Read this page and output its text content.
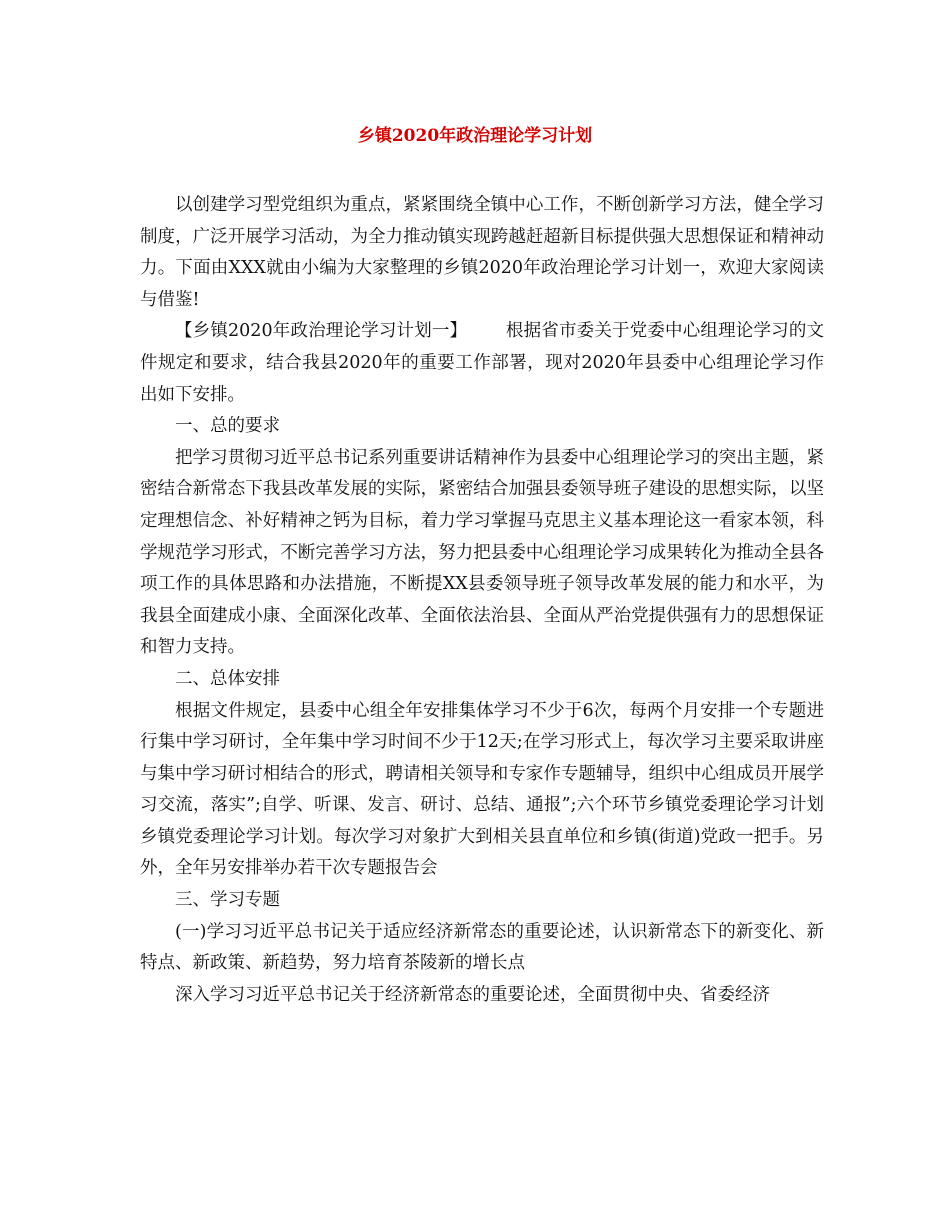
乡镇2020年政治理论学习计划

以创建学习型党组织为重点，紧紧围绕全镇中心工作，不断创新学习方法，健全学习制度，广泛开展学习活动，为全力推动镇实现跨越赶超新目标提供强大思想保证和精神动力。下面由XXX就由小编为大家整理的乡镇2020年政治理论学习计划一，欢迎大家阅读与借鉴!

【乡镇2020年政治理论学习计划一】 根据省市委关于党委中心组理论学习的文件规定和要求，结合我县2020年的重要工作部署，现对2020年县委中心组理论学习作出如下安排。

一、总的要求

把学习贯彻习近平总书记系列重要讲话精神作为县委中心组理论学习的突出主题，紧密结合新常态下我县改革发展的实际，紧密结合加强县委领导班子建设的思想实际，以坚定理想信念、补好精神之钙为目标，着力学习掌握马克思主义基本理论这一看家本领，科学规范学习形式，不断完善学习方法，努力把县委中心组理论学习成果转化为推动全县各项工作的具体思路和办法措施，不断提XX县委领导班子领导改革发展的能力和水平，为我县全面建成小康、全面深化改革、全面依法治县、全面从严治党提供强有力的思想保证和智力支持。

二、总体安排

根据文件规定，县委中心组全年安排集体学习不少于6次，每两个月安排一个专题进行集中学习研讨，全年集中学习时间不少于12天;在学习形式上，每次学习主要采取讲座与集中学习研讨相结合的形式，聘请相关领导和专家作专题辅导，组织中心组成员开展学习交流，落实”;自学、听课、发言、研讨、总结、通报”;六个环节乡镇党委理论学习计划乡镇党委理论学习计划。每次学习对象扩大到相关县直单位和乡镇(街道)党政一把手。另外，全年另安排举办若干次专题报告会

三、学习专题

(一)学习习近平总书记关于适应经济新常态的重要论述，认识新常态下的新变化、新特点、新政策、新趋势，努力培育茶陵新的增长点

深入学习习近平总书记关于经济新常态的重要论述，全面贯彻中央、省委经济
